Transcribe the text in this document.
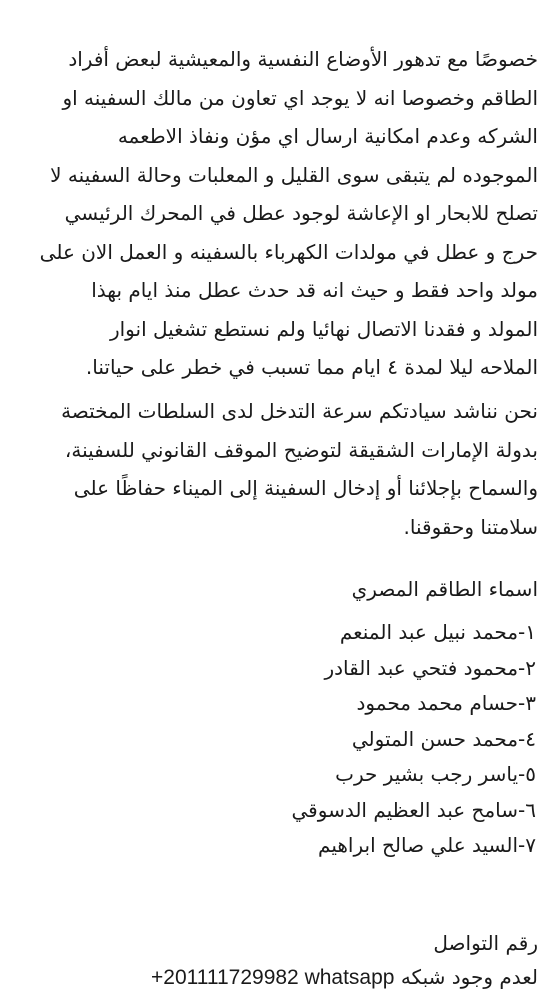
خصوصًا مع تدهور الأوضاع النفسية والمعيشية لبعض أفراد
الطاقم وخصوصا انه لا يوجد اي تعاون من مالك السفينه او
الشركه وعدم امكانية ارسال اي مؤن ونفاذ الاطعمه
الموجوده لم يتبقى سوى القليل و المعلبات وحالة السفينه لا
تصلح للابحار او الإعاشة لوجود عطل في المحرك الرئيسي
حرج و عطل في مولدات الكهرباء بالسفينه و العمل الان على
مولد واحد فقط و حيث انه قد حدث عطل منذ ايام بهذا
المولد و فقدنا الاتصال نهائيا ولم نستطع تشغيل انوار
الملاحه ليلا لمدة ٤ ايام مما تسبب في خطر على حياتنا.
نحن نناشد سيادتكم سرعة التدخل لدى السلطات المختصة
بدولة الإمارات الشقيقة لتوضيح الموقف القانوني للسفينة،
والسماح بإجلائنا أو إدخال السفينة إلى الميناء حفاظًا على
سلامتنا وحقوقنا.
اسماء الطاقم المصري
١-محمد نبيل عبد المنعم
٢-محمود فتحي عبد القادر
٣-حسام محمد محمود
٤-محمد حسن المتولي
٥-ياسر رجب بشير حرب
٦-سامح عبد العظيم الدسوقي
٧-السيد علي صالح ابراهيم
رقم التواصل
لعدم وجود شبكه +201111729982 whatsapp
